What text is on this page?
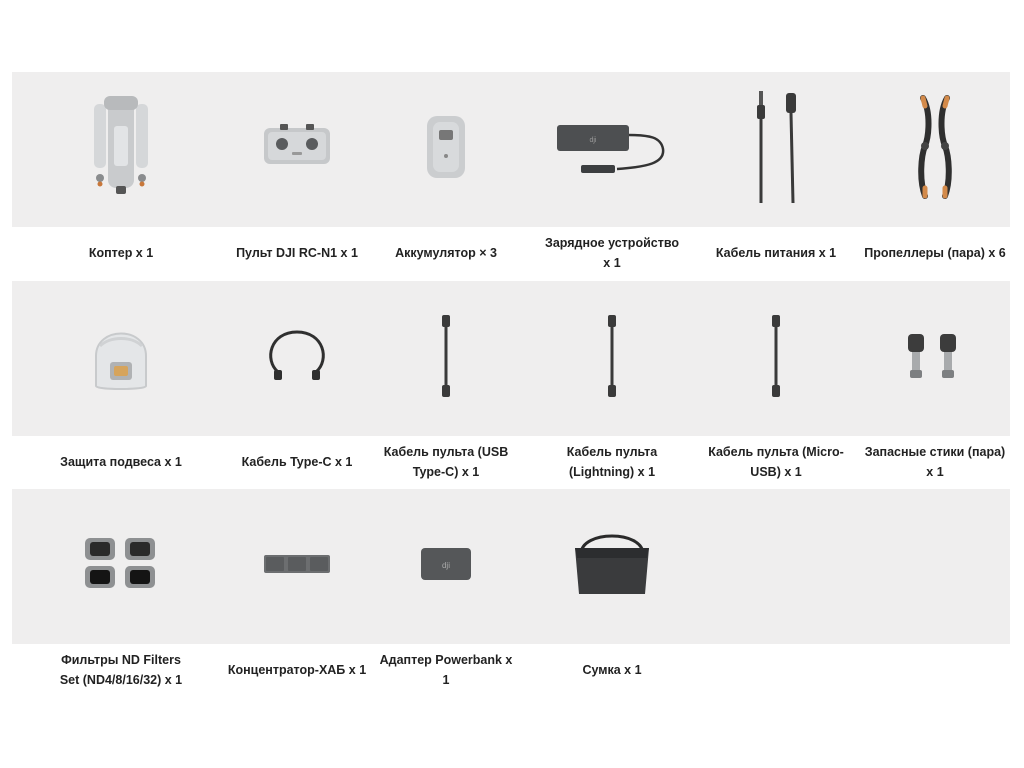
Коптер x 1	Пульт DJI RC-N1 x 1	Аккумулятор × 3
dji
Зарядное устройство x 1
Кабель питания x 1	Пропеллеры (пара) x 6
Защита подвеса x 1	Кабель Type-C x 1
Кабель пульта (USB Type-C) x 1
Кабель пульта (Lightning) x 1
Кабель пульта (Micro-USB) x 1
Запасные стики (пара) x 1
Фильтры ND Filters Set (ND4/8/16/32) x 1
Концентратор-ХАБ x 1
dji
Адаптер Powerbank x 1
Сумка x 1
